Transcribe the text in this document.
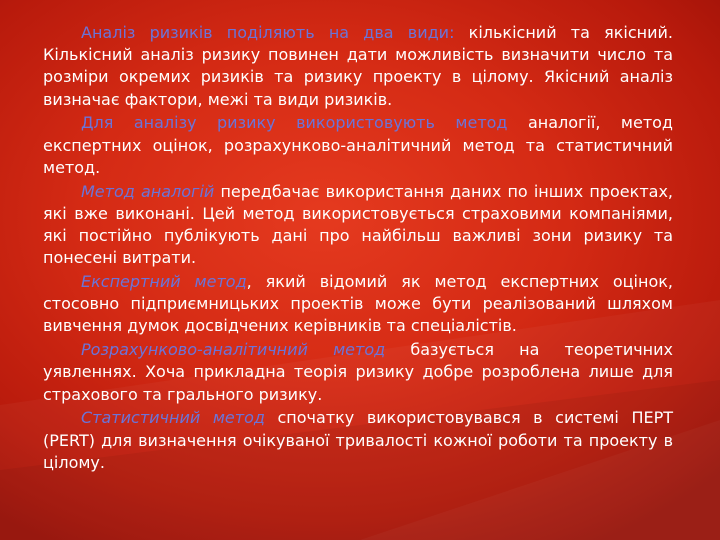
Аналіз ризиків поділяють на два види: кількісний та якісний. Кількісний аналіз ризику повинен дати можливість визначити число та розміри окремих ризиків та ризику проекту в цілому. Якісний аналіз визначає фактори, межі та види ризиків.

Для аналізу ризику використовують метод аналогії, метод експертних оцінок, розрахунково-аналітичний метод та статистичний метод.

Метод аналогій передбачає використання даних по інших проектах, які вже виконані. Цей метод використовується страховими компаніями, які постійно публікують дані про найбільш важливі зони ризику та понесені витрати.

Експертний метод, який відомий як метод експертних оцінок, стосовно підприємницьких проектів може бути реалізований шляхом вивчення думок досвідчених керівників та спеціалістів.

Розрахунково-аналітичний метод базується на теоретичних уявленнях. Хоча прикладна теорія ризику добре розроблена лише для страхового та грального ризику.

Статистичний метод спочатку використовувався в системі ПЕРТ (PERT) для визначення очікуваної тривалості кожної роботи та проекту в цілому.
